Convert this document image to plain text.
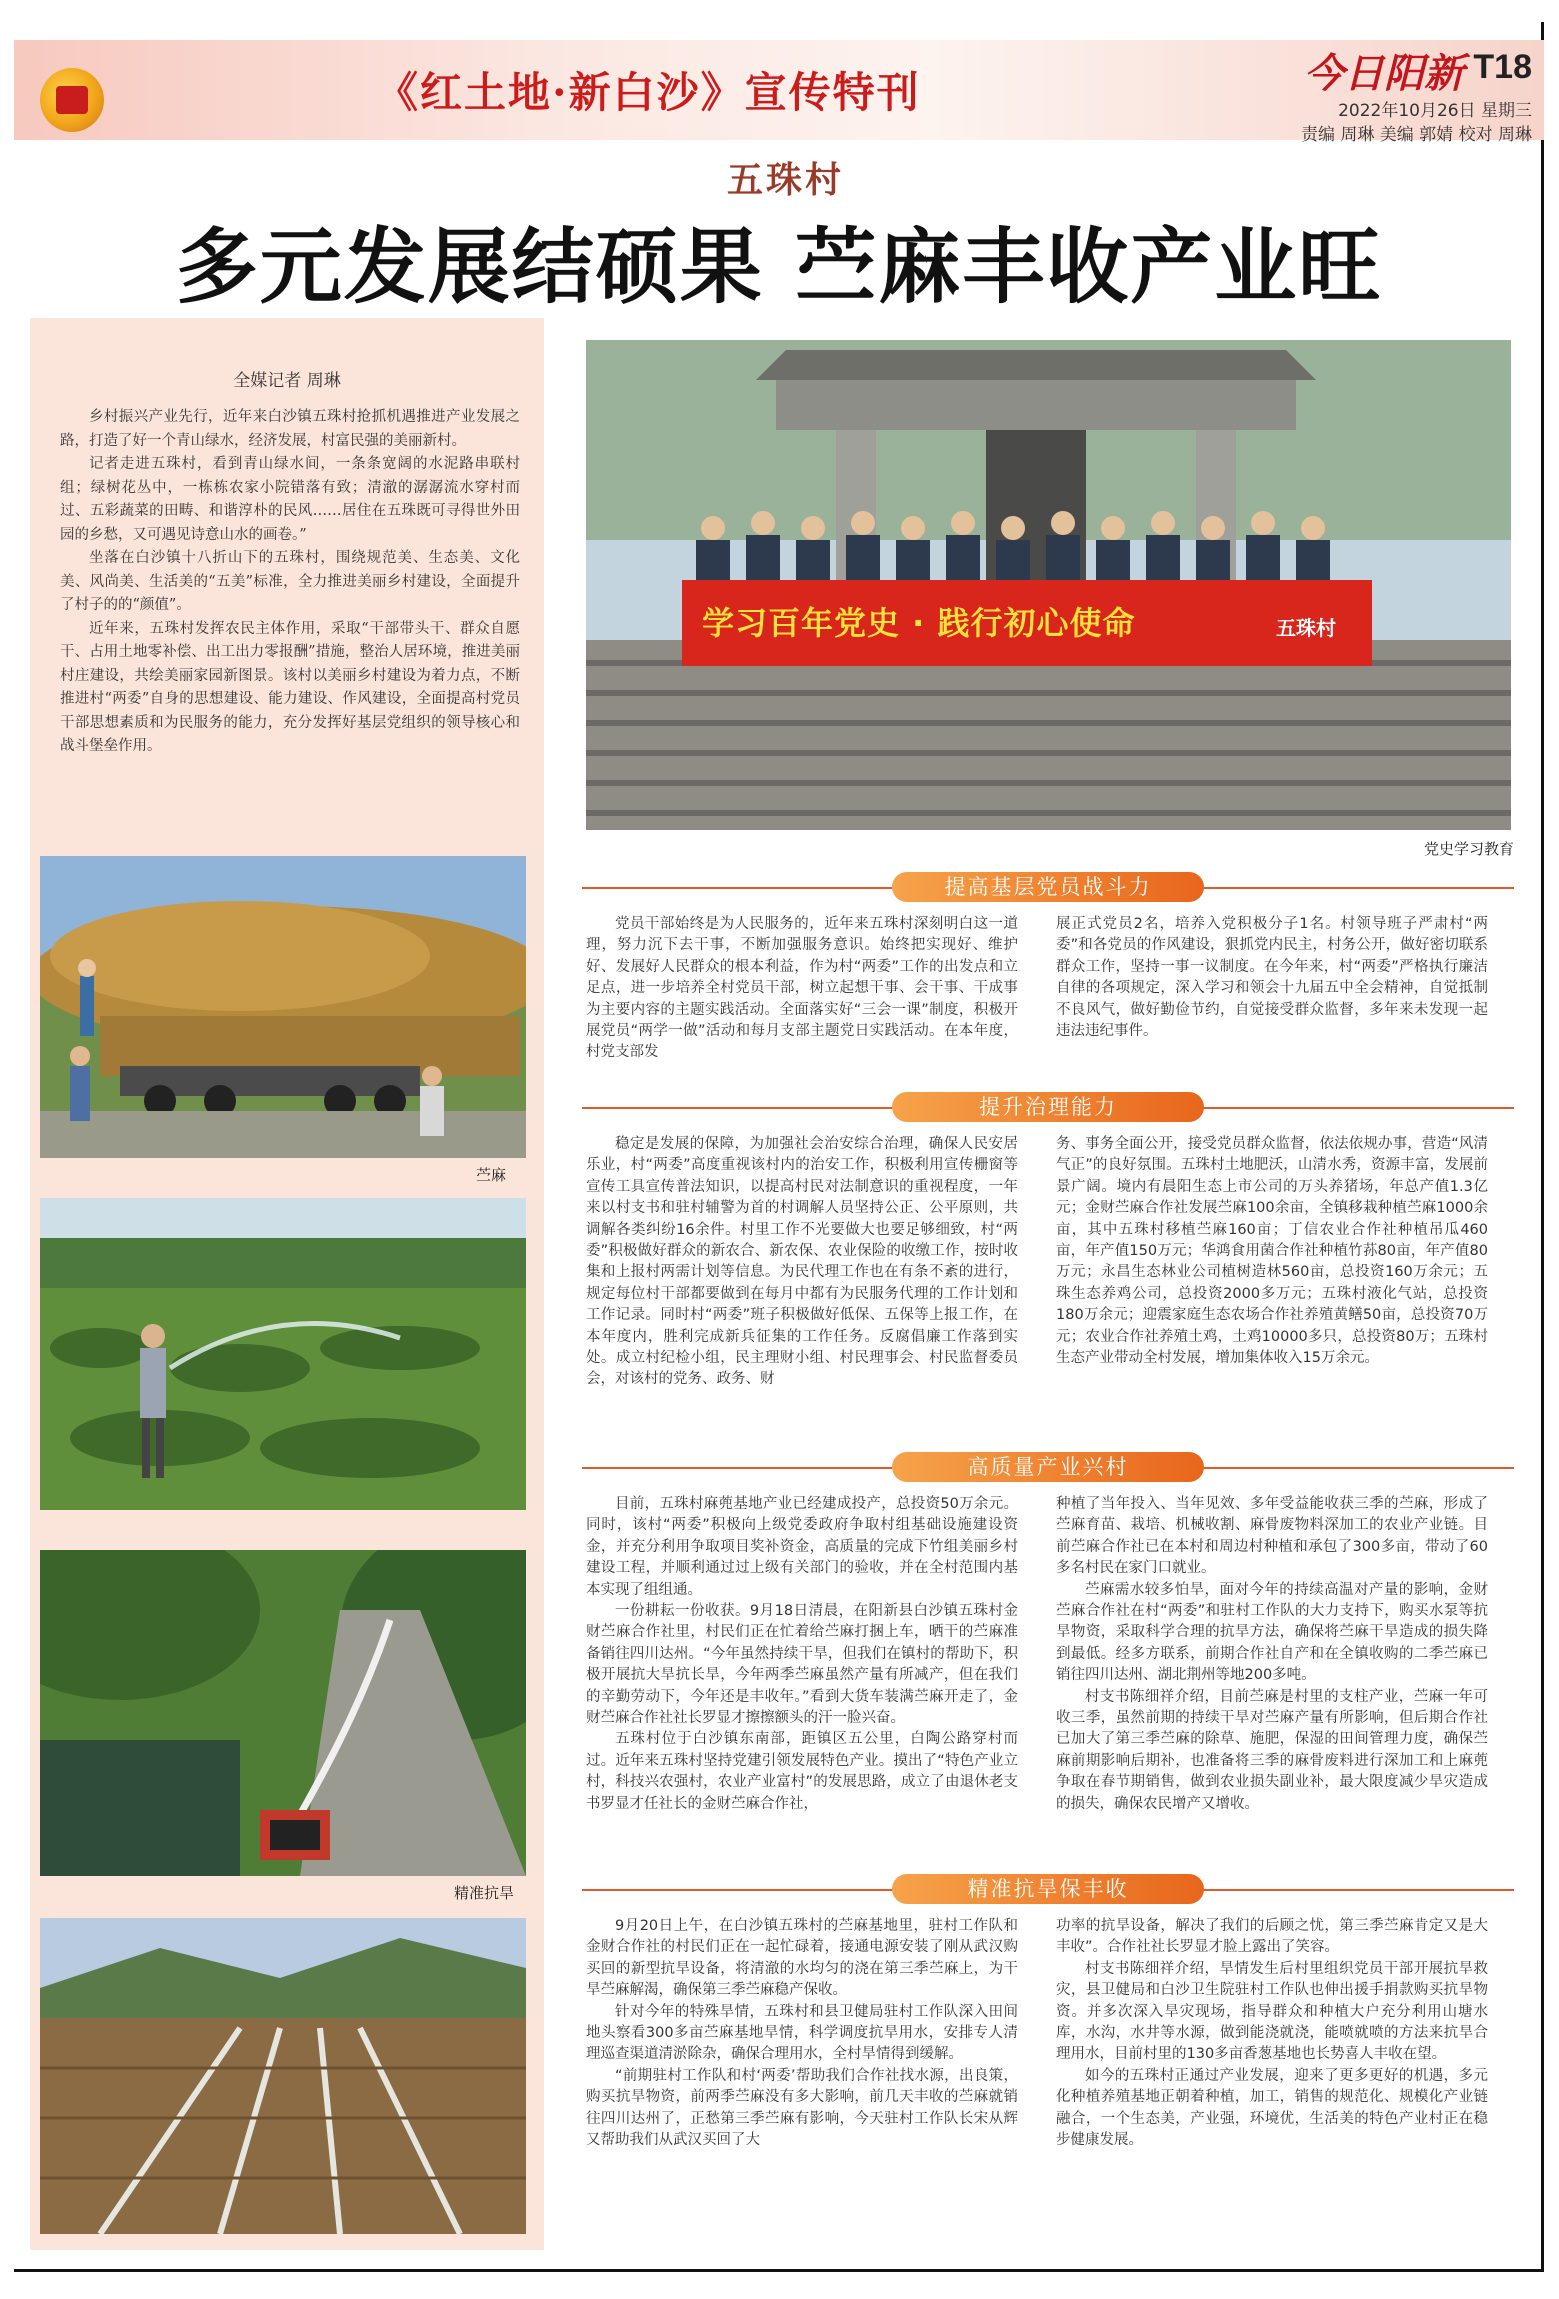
《红土地·新白沙》宣传特刊	今日阳新 T18
2022年10月26日 星期三
责编 周琳 美编 郭婧 校对 周琳
五珠村
多元发展结硕果 苎麻丰收产业旺
全媒记者 周琳

乡村振兴产业先行，近年来白沙镇五珠村抢抓机遇推进产业发展之路，打造了好一个青山绿水，经济发展，村富民强的美丽新村。

记者走进五珠村，看到青山绿水间，一条条宽阔的水泥路串联村组；绿树花丛中，一栋栋农家小院错落有致；清澈的潺潺流水穿村而过、五彩蔬菜的田畴、和谐淳朴的民风……居住在五珠既可寻得世外田园的乡愁，又可遇见诗意山水的画卷。”

坐落在白沙镇十八折山下的五珠村，围绕规范美、生态美、文化美、风尚美、生活美的“五美”标准，全力推进美丽乡村建设，全面提升了村子的的“颜值”。

近年来，五珠村发挥农民主体作用，采取“干部带头干、群众自愿干、占用土地零补偿、出工出力零报酬”措施，整治人居环境，推进美丽村庄建设，共绘美丽家园新图景。该村以美丽乡村建设为着力点，不断推进村“两委”自身的思想建设、能力建设、作风建设，全面提高村党员干部思想素质和为民服务的能力，充分发挥好基层党组织的领导核心和战斗堡垒作用。

苎麻
精准抗旱
学习百年党史 · 践行初心使命	五珠村
党史学习教育
提高基层党员战斗力

党员干部始终是为人民服务的，近年来五珠村深刻明白这一道理，努力沉下去干事，不断加强服务意识。始终把实现好、维护好、发展好人民群众的根本利益，作为村“两委”工作的出发点和立足点，进一步培养全村党员干部，树立起想干事、会干事、干成事为主要内容的主题实践活动。全面落实好“三会一课”制度，积极开展党员“两学一做”活动和每月支部主题党日实践活动。在本年度，村党支部发

展正式党员2名，培养入党积极分子1名。村领导班子严肃村“两委”和各党员的作风建设，狠抓党内民主，村务公开，做好密切联系群众工作，坚持一事一议制度。在今年来，村“两委”严格执行廉洁自律的各项规定，深入学习和领会十九届五中全会精神，自觉抵制不良风气，做好勤俭节约，自觉接受群众监督，多年来未发现一起违法违纪事件。

提升治理能力

稳定是发展的保障，为加强社会治安综合治理，确保人民安居乐业，村“两委”高度重视该村内的治安工作，积极利用宣传栅窗等宣传工具宣传普法知识，以提高村民对法制意识的重视程度，一年来以村支书和驻村辅警为首的村调解人员坚持公正、公平原则，共调解各类纠纷16余件。村里工作不光要做大也要足够细致，村“两委”积极做好群众的新农合、新农保、农业保险的收缴工作，按时收集和上报村两需计划等信息。为民代理工作也在有条不紊的进行，规定每位村干部都要做到在每月中都有为民服务代理的工作计划和工作记录。同时村“两委”班子积极做好低保、五保等上报工作，在本年度内，胜利完成新兵征集的工作任务。反腐倡廉工作落到实处。成立村纪检小组，民主理财小组、村民理事会、村民监督委员会，对该村的党务、政务、财

务、事务全面公开，接受党员群众监督，依法依规办事，营造“风清气正”的良好氛围。五珠村土地肥沃，山清水秀，资源丰富，发展前景广阔。境内有晨阳生态上市公司的万头养猪场，年总产值1.3亿元；金财苎麻合作社发展苎麻100余亩，全镇移栽种植苎麻1000余亩，其中五珠村移植苎麻160亩；丁信农业合作社种植吊瓜460亩，年产值150万元；华鸿食用菌合作社种植竹荪80亩，年产值80万元；永昌生态林业公司植树造林560亩，总投资160万余元；五珠生态养鸡公司，总投资2000多万元；五珠村液化气站，总投资180万余元；迎震家庭生态农场合作社养殖黄鳝50亩，总投资70万元；农业合作社养殖土鸡，土鸡10000多只，总投资80万；五珠村生态产业带动全村发展，增加集体收入15万余元。

高质量产业兴村

目前，五珠村麻蔸基地产业已经建成投产，总投资50万余元。同时，该村“两委”积极向上级党委政府争取村组基础设施建设资金，并充分利用争取项目奖补资金，高质量的完成下竹组美丽乡村建设工程，并顺利通过过上级有关部门的验收，并在全村范围内基本实现了组组通。

一份耕耘一份收获。9月18日清晨，在阳新县白沙镇五珠村金财苎麻合作社里，村民们正在忙着给苎麻打捆上车，晒干的苎麻准备销往四川达州。“今年虽然持续干旱，但我们在镇村的帮助下，积极开展抗大旱抗长旱，今年两季苎麻虽然产量有所减产，但在我们的辛勤劳动下，今年还是丰收年。”看到大货车装满苎麻开走了，金财苎麻合作社社长罗显才擦擦额头的汗一脸兴奋。

五珠村位于白沙镇东南部，距镇区五公里，白陶公路穿村而过。近年来五珠村坚持党建引领发展特色产业。摸出了“特色产业立村，科技兴农强村，农业产业富村”的发展思路，成立了由退休老支书罗显才任社长的金财苎麻合作社，

种植了当年投入、当年见效、多年受益能收获三季的苎麻，形成了苎麻育苗、栽培、机械收割、麻骨废物料深加工的农业产业链。目前苎麻合作社已在本村和周边村种植和承包了300多亩，带动了60多名村民在家门口就业。

苎麻需水较多怕旱，面对今年的持续高温对产量的影响，金财苎麻合作社在村“两委”和驻村工作队的大力支持下，购买水泵等抗旱物资，采取科学合理的抗旱方法，确保将苎麻干旱造成的损失降到最低。经多方联系，前期合作社自产和在全镇收购的二季苎麻已销往四川达州、湖北荆州等地200多吨。

村支书陈细祥介绍，目前苎麻是村里的支柱产业，苎麻一年可收三季，虽然前期的持续干旱对苎麻产量有所影响，但后期合作社已加大了第三季苎麻的除草、施肥，保湿的田间管理力度，确保苎麻前期影响后期补，也准备将三季的麻骨废料进行深加工和上麻蔸争取在春节期销售，做到农业损失副业补，最大限度减少旱灾造成的损失，确保农民增产又增收。

精准抗旱保丰收

9月20日上午，在白沙镇五珠村的苎麻基地里，驻村工作队和金财合作社的村民们正在一起忙碌着，接通电源安装了刚从武汉购买回的新型抗旱设备，将清澈的水均匀的浇在第三季苎麻上，为干旱苎麻解渴，确保第三季苎麻稳产保收。

针对今年的特殊旱情，五珠村和县卫健局驻村工作队深入田间地头察看300多亩苎麻基地旱情，科学调度抗旱用水，安排专人清理巡查渠道清淤除杂，确保合理用水，全村旱情得到缓解。

“前期驻村工作队和村‘两委’帮助我们合作社找水源，出良策，购买抗旱物资，前两季苎麻没有多大影响，前几天丰收的苎麻就销往四川达州了，正愁第三季苎麻有影响，今天驻村工作队长宋从辉又帮助我们从武汉买回了大

功率的抗旱设备，解决了我们的后顾之忧，第三季苎麻肯定又是大丰收”。合作社社长罗显才脸上露出了笑容。

村支书陈细祥介绍，旱情发生后村里组织党员干部开展抗旱救灾，县卫健局和白沙卫生院驻村工作队也伸出援手捐款购买抗旱物资。并多次深入旱灾现场，指导群众和种植大户充分利用山塘水库，水沟，水井等水源，做到能浇就浇，能喷就喷的方法来抗旱合理用水，目前村里的130多亩香葱基地也长势喜人丰收在望。

如今的五珠村正通过产业发展，迎来了更多更好的机遇，多元化种植养殖基地正朝着种植，加工，销售的规范化、规模化产业链融合，一个生态美，产业强，环境优，生活美的特色产业村正在稳步健康发展。
